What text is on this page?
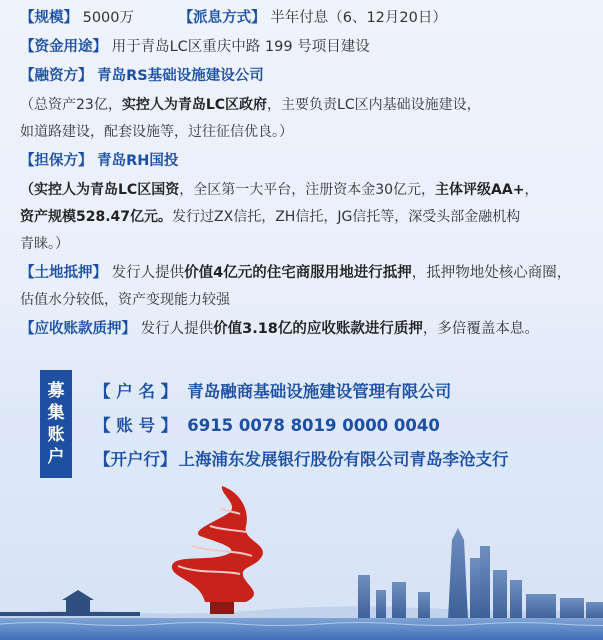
【规模】 5000万	【派息方式】 半年付息（6、12月20日）
【资金用途】 用于青岛LC区重庆中路 199 号项目建设
【融资方】 青岛RS基础设施建设公司
（总资产23亿，实控人为青岛LC区政府，主要负责LC区内基础设施建设，
如道路建设，配套设施等，过往征信优良。）
【担保方】 青岛RH国投
（实控人为青岛LC区国资，全区第一大平台，注册资本金30亿元，主体评级AA+，
资产规模528.47亿元。发行过ZX信托，ZH信托，JG信托等，深受头部金融机构
青睐。）
【土地抵押】 发行人提供价值4亿元的住宅商服用地进行抵押，抵押物地处核心商圈，
估值水分较低，资产变现能力较强
【应收账款质押】 发行人提供价值3.18亿的应收账款进行质押，多倍覆盖本息。
募
集
账
户
【 户 名 】 青岛融商基础设施建设管理有限公司
【 账 号 】 6915 0078 8019 0000 0040
【开户行】 上海浦东发展银行股份有限公司青岛李沧支行
